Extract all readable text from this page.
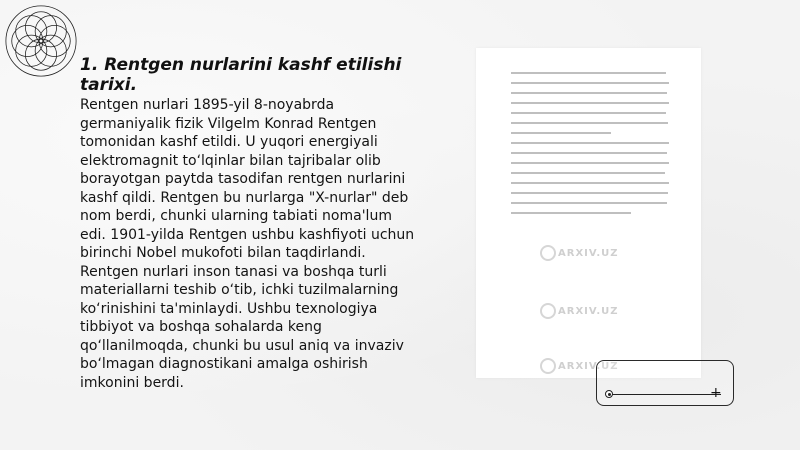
1. Rentgen nurlarini kashf etilishi tarixi.

Rentgen nurlari 1895-yil 8-noyabrda germaniyalik fizik Vilgelm Konrad Rentgen tomonidan kashf etildi. U yuqori energiyali elektromagnit to‘lqinlar bilan tajribalar olib borayotgan paytda tasodifan rentgen nurlarini kashf qildi. Rentgen bu nurlarga "X-nurlar" deb nom berdi, chunki ularning tabiati noma'lum edi. 1901-yilda Rentgen ushbu kashfiyoti uchun birinchi Nobel mukofoti bilan taqdirlandi. Rentgen nurlari inson tanasi va boshqa turli materiallarni teshib o‘tib, ichki tuzilmalarning ko‘rinishini ta'minlaydi. Ushbu texnologiya tibbiyot va boshqa sohalarda keng qo‘llanilmoqda, chunki bu usul aniq va invaziv bo‘lmagan diagnostikani amalga oshirish imkonini berdi.

ARXIV.UZ
ARXIV.UZ
ARXIV.UZ
+
